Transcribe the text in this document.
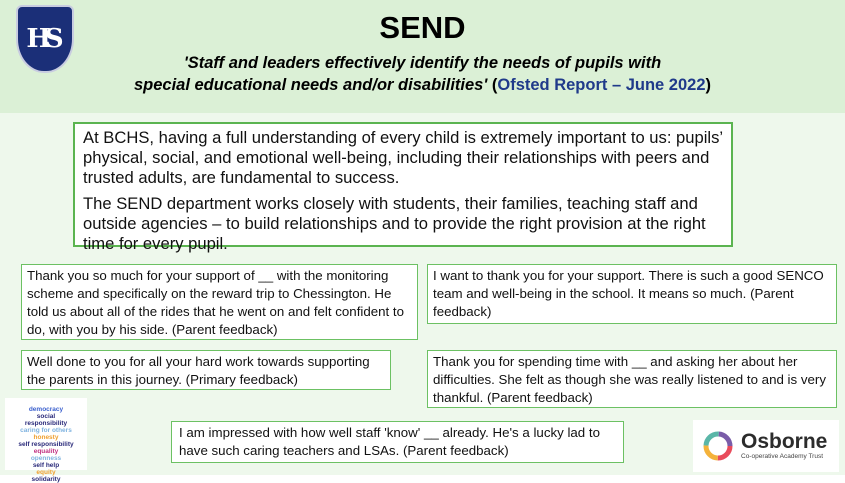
HS	SEND
'Staff and leaders effectively identify the needs of pupils with
special educational needs and/or disabilities' (Ofsted Report – June 2022)

At BCHS, having a full understanding of every child is extremely important to us: pupils’ physical, social, and emotional well-being, including their relationships with peers and trusted adults, are fundamental to success.

The SEND department works closely with students, their families, teaching staff and outside agencies – to build relationships and to provide the right provision at the right time for every pupil.

Thank you so much for your support of __ with the monitoring scheme and specifically on the reward trip to Chessington. He told us about all of the rides that he went on and felt confident to do, with you by his side. (Parent feedback)
I want to thank you for your support. There is such a good SENCO team and well-being in the school. It means so much. (Parent feedback)
Well done to you for all your hard work towards supporting the parents in this journey. (Primary feedback)
Thank you for spending time with __ and asking her about her difficulties. She felt as though she was really listened to and is very thankful. (Parent feedback)
I am impressed with how well staff 'know' __ already. He's a lucky lad to have such caring teachers and LSAs. (Parent feedback)
democracy
social
responsibility
caring for others
honesty
self responsibility
equality
openness
self help
equity
solidarity
Osborne
Co-operative Academy Trust
